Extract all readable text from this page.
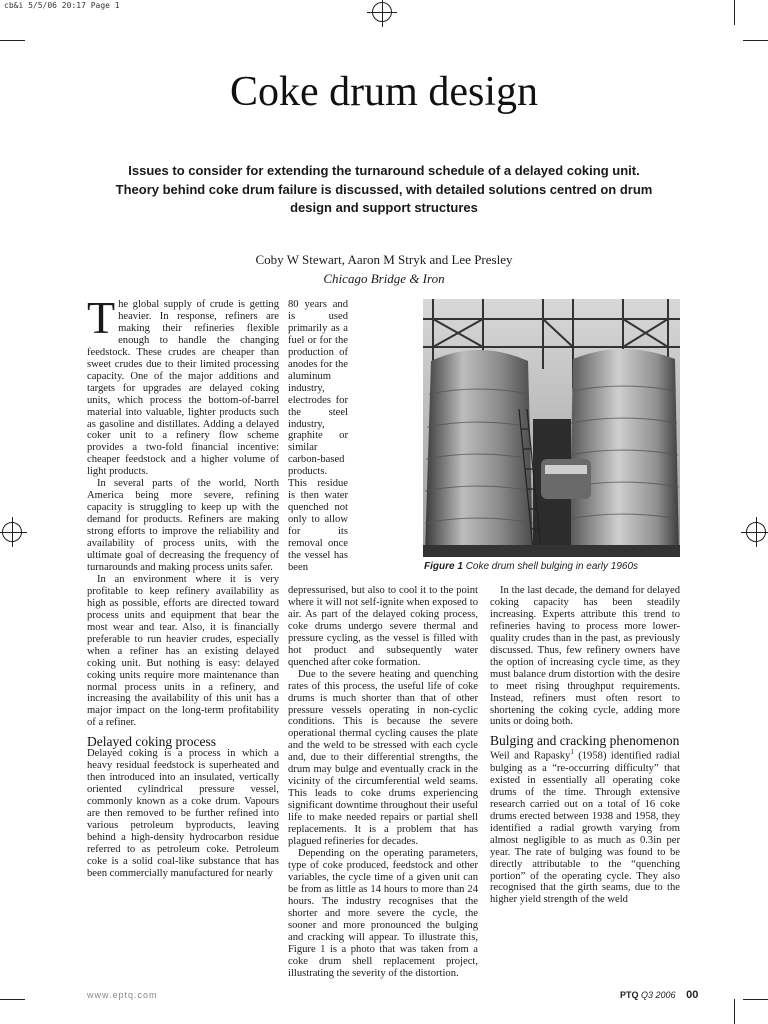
cb&i 5/5/06 20:17 Page 1
Coke drum design
Issues to consider for extending the turnaround schedule of a delayed coking unit. Theory behind coke drum failure is discussed, with detailed solutions centred on drum design and support structures
Coby W Stewart, Aaron M Stryk and Lee Presley
Chicago Bridge & Iron

The global supply of crude is getting heavier. In response, refiners are making their refineries flexible enough to handle the changing feedstock. These crudes are cheaper than sweet crudes due to their limited processing capacity. One of the major additions and targets for upgrades are delayed coking units, which process the bottom-of-barrel material into valuable, lighter products such as gasoline and distillates. Adding a delayed coker unit to a refinery flow scheme provides a two-fold financial incentive: cheaper feedstock and a higher volume of light products.

In several parts of the world, North America being more severe, refining capacity is struggling to keep up with the demand for products. Refiners are making strong efforts to improve the reliability and availability of process units, with the ultimate goal of decreasing the frequency of turnarounds and making process units safer.

In an environment where it is very profitable to keep refinery availability as high as possible, efforts are directed toward process units and equipment that bear the most wear and tear. Also, it is financially preferable to run heavier crudes, especially when a refiner has an existing delayed coking unit. But nothing is easy: delayed coking units require more maintenance than normal process units in a refinery, and increasing the availability of this unit has a major impact on the long-term profitability of a refiner.

Delayed coking process

Delayed coking is a process in which a heavy residual feedstock is superheated and then introduced into an insulated, vertically oriented cylindrical pressure vessel, commonly known as a coke drum. Vapours are then removed to be further refined into various petroleum byproducts, leaving behind a high-density hydrocarbon residue referred to as petroleum coke. Petroleum coke is a solid coal-like substance that has been commercially manufactured for nearly

80 years and is used primarily as a fuel or for the production of anodes for the aluminum industry, electrodes for the steel industry, graphite or similar carbon-based products. This residue is then water quenched not only to allow for its removal once the vessel has been depressurised, but also to cool it to the point where it will not self-ignite when exposed to air. As part of the delayed coking process, coke drums undergo severe thermal and pressure cycling, as the vessel is filled with hot product and subsequently water quenched after coke formation.

Due to the severe heating and quenching rates of this process, the useful life of coke drums is much shorter than that of other pressure vessels operating in non-cyclic conditions. This is because the severe operational thermal cycling causes the plate and the weld to be stressed with each cycle and, due to their differential strengths, the drum may bulge and eventually crack in the vicinity of the circumferential weld seams. This leads to coke drums experiencing significant downtime throughout their useful life to make needed repairs or partial shell replacements. It is a problem that has plagued refineries for decades.

Depending on the operating parameters, type of coke produced, feedstock and other variables, the cycle time of a given unit can be from as little as 14 hours to more than 24 hours. The industry recognises that the shorter and more severe the cycle, the sooner and more pronounced the bulging and cracking will appear. To illustrate this, Figure 1 is a photo that was taken from a coke drum shell replacement project, illustrating the severity of the distortion.

Figure 1 Coke drum shell bulging in early 1960s

In the last decade, the demand for delayed coking capacity has been steadily increasing. Experts attribute this trend to refineries having to process more lower-quality crudes than in the past, as previously discussed. Thus, few refinery owners have the option of increasing cycle time, as they must balance drum distortion with the desire to meet rising throughput requirements. Instead, refiners must often resort to shortening the coking cycle, adding more units or doing both.

Bulging and cracking phenomenon

Weil and Rapasky$^1$ (1958) identified radial bulging as a “re-occurring difficulty” that existed in essentially all operating coke drums of the time. Through extensive research carried out on a total of 16 coke drums erected between 1938 and 1958, they identified a radial growth varying from almost negligible to as much as 0.3in per year. The rate of bulging was found to be directly attributable to the “quenching portion” of the operating cycle. They also recognised that the girth seams, due to the higher yield strength of the weld

www.eptq.com	PTQ Q3 2006 00
